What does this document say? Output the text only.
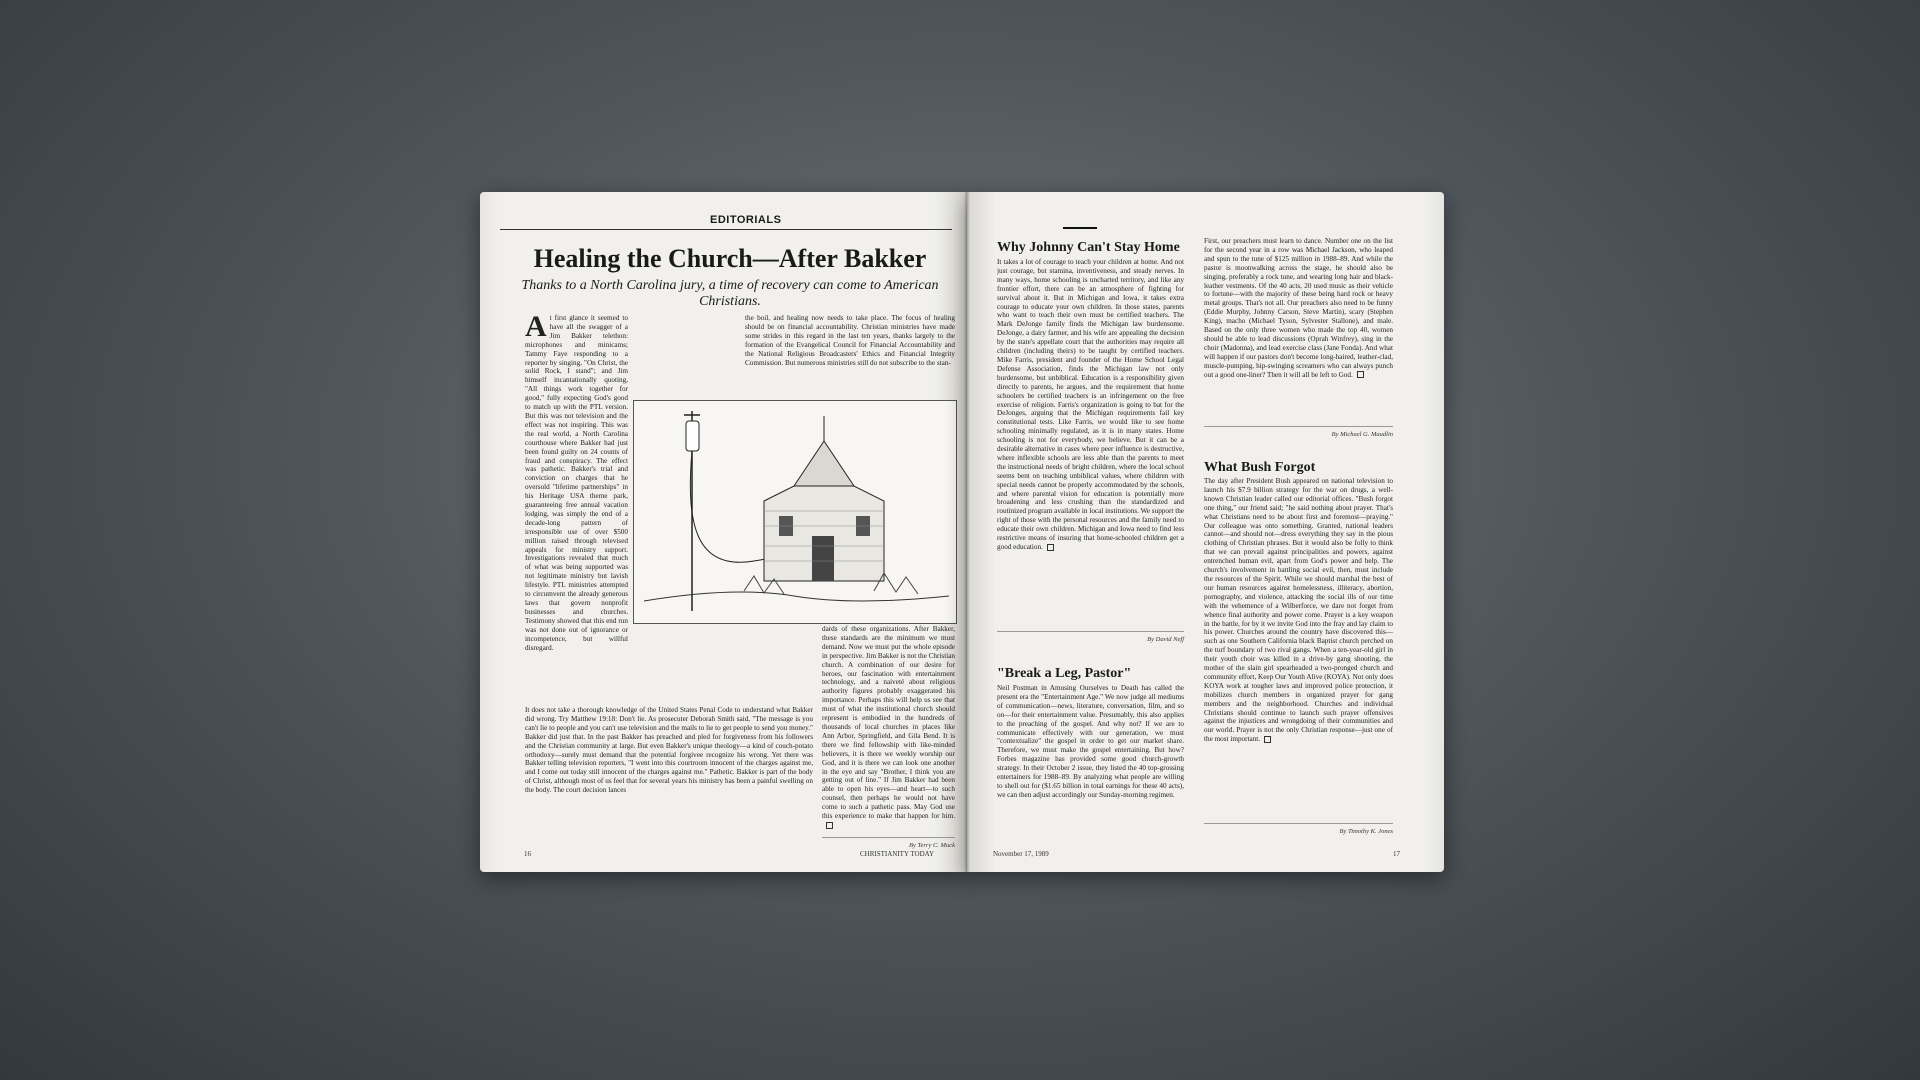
EDITORIALS
Healing the Church—After Bakker
Thanks to a North Carolina jury, a time of recovery can come to American Christians.
At first glance it seemed to have all the swagger of a Jim Bakker telethon: microphones and minicams; Tammy Faye responding to a reporter by singing, "On Christ, the solid Rock, I stand"; and Jim himself incantationally quoting, "All things work together for good," fully expecting God's good to match up with the PTL version. But this was not television and the effect was not inspiring. This was the real world, a North Carolina courthouse where Bakker had just been found guilty on 24 counts of fraud and conspiracy. The effect was pathetic. Bakker's trial and conviction on charges that he oversold "lifetime partnerships" in his Heritage USA theme park, guaranteeing free annual vacation lodging, was simply the end of a decade-long pattern of irresponsible use of over $500 million raised through televised appeals for ministry support. Investigations revealed that much of what was being supported was not legitimate ministry but lavish lifestyle. PTL ministries attempted to circumvent the already generous laws that govern nonprofit businesses and churches. Testimony showed that this end run was not done out of ignorance or incompetence, but willful disregard.
It does not take a thorough knowledge of the United States Penal Code to understand what Bakker did wrong. Try Matthew 19:18: Don't lie. As prosecuter Deborah Smith said, "The message is you can't lie to people and you can't use television and the mails to lie to get people to send you money." Bakker did just that. In the past Bakker has preached and pled for forgiveness from his followers and the Christian community at large. But even Bakker's unique theology—a kind of couch-potato orthodoxy—surely must demand that the potential forgivee recognize his wrong. Yet there was Bakker telling television reporters, "I went into this courtroom innocent of the charges against me, and I come out today still innocent of the charges against me." Pathetic. Bakker is part of the body of Christ, although most of us feel that for several years his ministry has been a painful swelling on the body. The court decision lances
the boil, and healing now needs to take place. The focus of healing should be on financial accountability. Christian ministries have made some strides in this regard in the last ten years, thanks largely to the formation of the Evangelical Council for Financial Accountability and the National Religious Broadcasters' Ethics and Financial Integrity Commission. But numerous ministries still do not subscribe to the stan-
dards of these organizations. After Bakker, these standards are the minimum we must demand. Now we must put the whole episode in perspective. Jim Bakker is not the Christian church. A combination of our desire for heroes, our fascination with entertainment technology, and a naiveté about religious authority figures probably exaggerated his importance. Perhaps this will help us see that most of what the institutional church should represent is embodied in the hundreds of thousands of local churches in places like Ann Arbor, Springfield, and Gila Bend. It is there we find fellowship with like-minded believers, it is there we weekly worship our God, and it is there we can look one another in the eye and say "Brother, I think you are getting out of line." If Jim Bakker had been able to open his eyes—and heart—to such counsel, then perhaps he would not have come to such a pathetic pass. May God use this experience to make that happen for him.
By Terry C. Muck
16	CHRISTIANITY TODAY
Why Johnny Can't Stay Home
It takes a lot of courage to teach your children at home. And not just courage, but stamina, inventiveness, and steady nerves. In many ways, home schooling is uncharted territory, and like any frontier effort, there can be an atmosphere of fighting for survival about it. But in Michigan and Iowa, it takes extra courage to educate your own children. In those states, parents who want to teach their own must be certified teachers. The Mark DeJonge family finds the Michigan law burdensome. DeJonge, a dairy farmer, and his wife are appealing the decision by the state's appellate court that the authorities may require all children (including theirs) to be taught by certified teachers. Mike Farris, president and founder of the Home School Legal Defense Association, finds the Michigan law not only burdensome, but unbiblical. Education is a responsibility given directly to parents, he argues, and the requirement that home schoolers be certified teachers is an infringement on the free exercise of religion. Farris's organization is going to bat for the DeJonges, arguing that the Michigan requirements fail key constitutional tests. Like Farris, we would like to see home schooling minimally regulated, as it is in many states. Home schooling is not for everybody, we believe. But it can be a desirable alternative in cases where peer influence is destructive, where inflexible schools are less able than the parents to meet the instructional needs of bright children, where the local school seems bent on teaching unbiblical values, where children with special needs cannot be properly accommodated by the schools, and where parental vision for education is potentially more broadening and less crushing than the standardized and routinized program available in local institutions. We support the right of those with the personal resources and the family need to educate their own children. Michigan and Iowa need to find less restrictive means of insuring that home-schooled children get a good education.
By David Neff
"Break a Leg, Pastor"
Neil Postman in Amusing Ourselves to Death has called the present era the "Entertainment Age." We now judge all mediums of communication—news, literature, conversation, film, and so on—for their entertainment value. Presumably, this also applies to the preaching of the gospel. And why not? If we are to communicate effectively with our generation, we must "contextualize" the gospel in order to get our market share. Therefore, we must make the gospel entertaining. But how? Forbes magazine has provided some good church-growth strategy. In their October 2 issue, they listed the 40 top-grossing entertainers for 1988–89. By analyzing what people are willing to shell out for ($1.65 billion in total earnings for these 40 acts), we can then adjust accordingly our Sunday-morning regimen.
First, our preachers must learn to dance. Number one on the list for the second year in a row was Michael Jackson, who leaped and spun to the tune of $125 million in 1988–89. And while the pastor is moonwalking across the stage, he should also be singing, preferably a rock tune, and wearing long hair and black-leather vestments. Of the 40 acts, 20 used music as their vehicle to fortune—with the majority of these being hard rock or heavy metal groups. That's not all. Our preachers also need to be funny (Eddie Murphy, Johnny Carson, Steve Martin), scary (Stephen King), macho (Michael Tyson, Sylvester Stallone), and male. Based on the only three women who made the top 40, women should be able to lead discussions (Oprah Winfrey), sing in the choir (Madonna), and lead exercise class (Jane Fonda). And what will happen if our pastors don't become long-haired, leather-clad, muscle-pumping, hip-swinging screamers who can always punch out a good one-liner? Then it will all be left to God.
By Michael G. Maudlin
What Bush Forgot
The day after President Bush appeared on national television to launch his $7.9 billion strategy for the war on drugs, a well-known Christian leader called our editorial offices. "Bush forgot one thing," our friend said; "he said nothing about prayer. That's what Christians need to be about first and foremost—praying." Our colleague was onto something. Granted, national leaders cannot—and should not—dress everything they say in the pious clothing of Christian phrases. But it would also be folly to think that we can prevail against principalities and powers, against entrenched human evil, apart from God's power and help. The church's involvement in battling social evil, then, must include the resources of the Spirit. While we should marshal the best of our human resources against homelessness, illiteracy, abortion, pornography, and violence, attacking the social ills of our time with the vehemence of a Wilberforce, we dare not forget from whence final authority and power come. Prayer is a key weapon in the battle, for by it we invite God into the fray and lay claim to his power. Churches around the country have discovered this—such as one Southern California black Baptist church perched on the turf boundary of two rival gangs. When a ten-year-old girl in their youth choir was killed in a drive-by gang shooting, the mother of the slain girl spearheaded a two-pronged church and community effort, Keep Our Youth Alive (KOYA). Not only does KOYA work at tougher laws and improved police protection, it mobilizes church members in organized prayer for gang members and the neighborhood. Churches and individual Christians should continue to launch such prayer offensives against the injustices and wrongdoing of their communities and our world. Prayer is not the only Christian response—just one of the most important.
By Timothy K. Jones
November 17, 1989	17
